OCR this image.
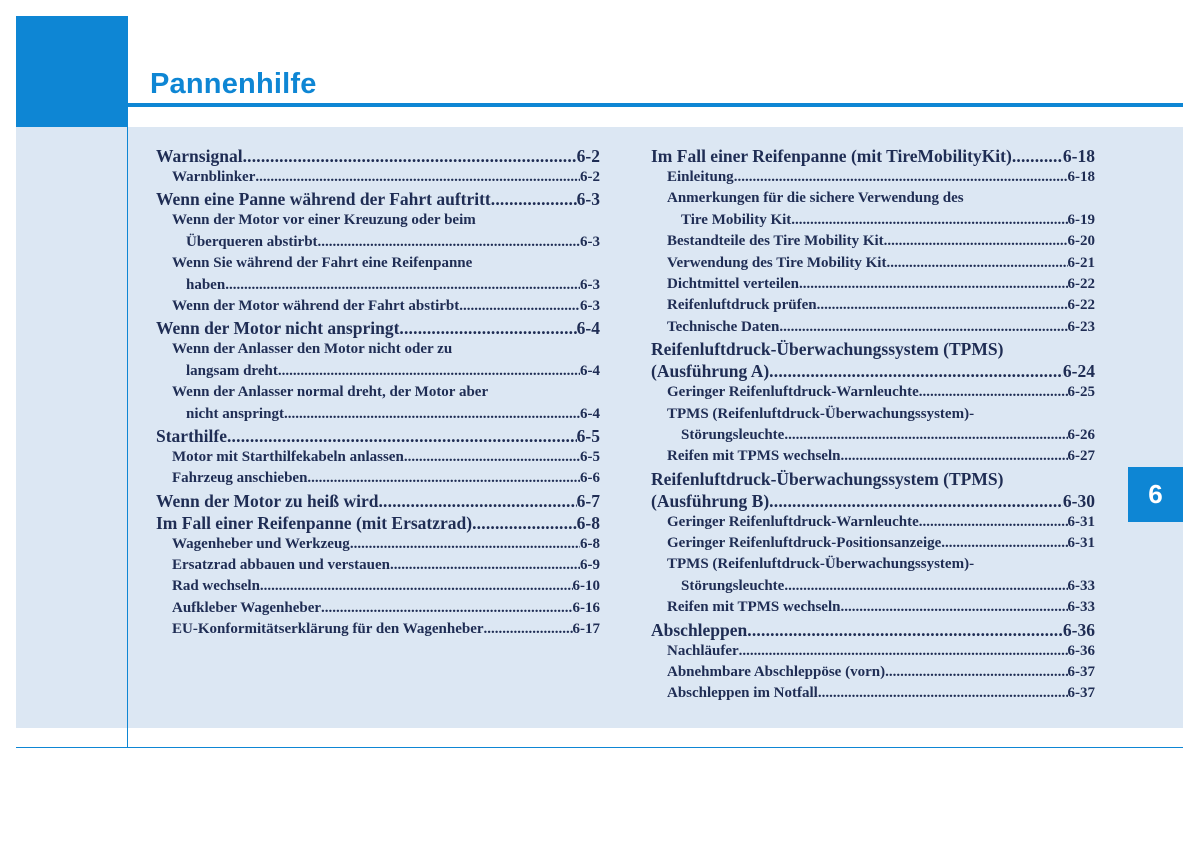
Pannenhilfe
6
Warnsignal .....	6-2
Warnblinker .....	6-2
Wenn eine Panne während der Fahrt auftritt .....	6-3
Wenn der Motor vor einer Kreuzung oder beim
Überqueren abstirbt .....	6-3
Wenn Sie während der Fahrt eine Reifenpanne
haben .....	6-3
Wenn der Motor während der Fahrt abstirbt .....	6-3
Wenn der Motor nicht anspringt .....	6-4
Wenn der Anlasser den Motor nicht oder zu
langsam dreht .....	6-4
Wenn der Anlasser normal dreht, der Motor aber
nicht anspringt .....	6-4
Starthilfe .....	6-5
Motor mit Starthilfekabeln anlassen .....	6-5
Fahrzeug anschieben .....	6-6
Wenn der Motor zu heiß wird .....	6-7
Im Fall einer Reifenpanne (mit Ersatzrad) .....	6-8
Wagenheber und Werkzeug .....	6-8
Ersatzrad abbauen und verstauen .....	6-9
Rad wechseln .....	6-10
Aufkleber Wagenheber .....	6-16
EU-Konformitätserklärung für den Wagenheber .....	6-17
Im Fall einer Reifenpanne (mit TireMobilityKit) .....	6-18
Einleitung .....	6-18
Anmerkungen für die sichere Verwendung des
Tire Mobility Kit .....	6-19
Bestandteile des Tire Mobility Kit .....	6-20
Verwendung des Tire Mobility Kit .....	6-21
Dichtmittel verteilen .....	6-22
Reifenluftdruck prüfen .....	6-22
Technische Daten .....	6-23
Reifenluftdruck-Überwachungssystem (TPMS)
(Ausführung A) .....	6-24
Geringer Reifenluftdruck-Warnleuchte .....	6-25
TPMS (Reifenluftdruck-Überwachungssystem)-
Störungsleuchte .....	6-26
Reifen mit TPMS wechseln .....	6-27
Reifenluftdruck-Überwachungssystem (TPMS)
(Ausführung B) .....	6-30
Geringer Reifenluftdruck-Warnleuchte .....	6-31
Geringer Reifenluftdruck-Positionsanzeige .....	6-31
TPMS (Reifenluftdruck-Überwachungssystem)-
Störungsleuchte .....	6-33
Reifen mit TPMS wechseln .....	6-33
Abschleppen .....	6-36
Nachläufer .....	6-36
Abnehmbare Abschleppöse (vorn) .....	6-37
Abschleppen im Notfall .....	6-37
